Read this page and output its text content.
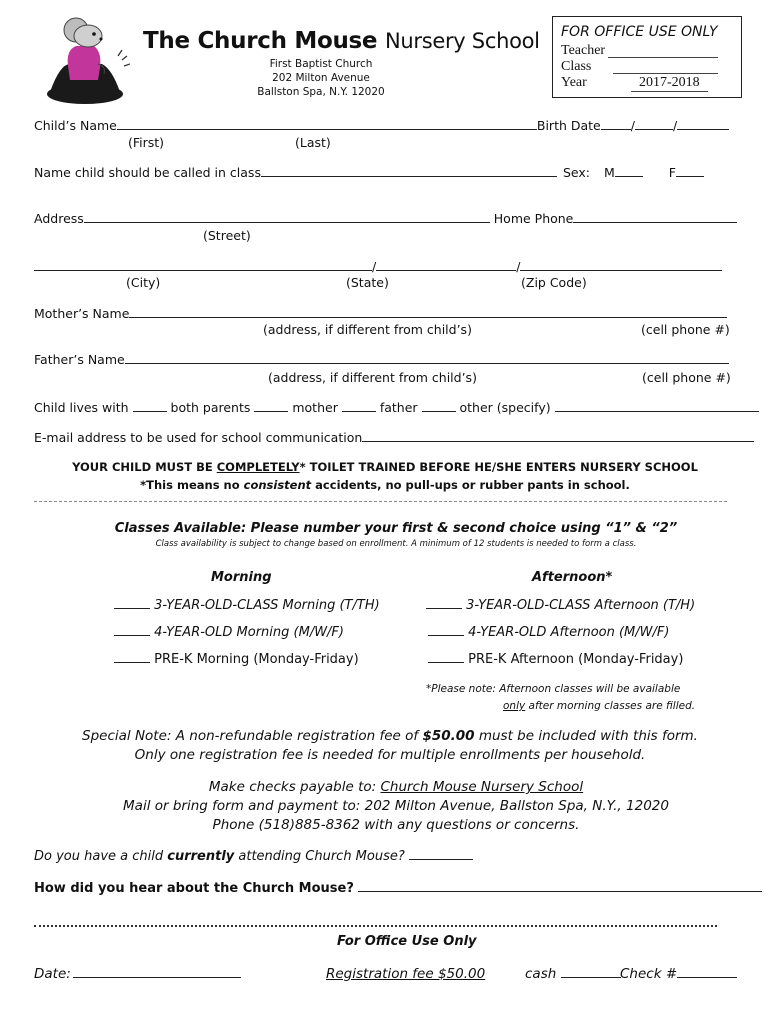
The Church Mouse Nursery School
First Baptist Church
202 Milton Avenue
Ballston Spa, N.Y. 12020
FOR OFFICE USE ONLY
Teacher
Class
Year	2017-2018
Child’s Name	Birth Date /	/
(First)	(Last)
Name child should be called in class	Sex: M	F
Address	Home Phone
(Street)
/	/
(City)	(State)	(Zip Code)
Mother’s Name
(address, if different from child’s)	(cell phone #)
Father’s Name
(address, if different from child’s)	(cell phone #)
Child lives with	both parents	mother	father	other (specify)
E-mail address to be used for school communication
YOUR CHILD MUST BE COMPLETELY* TOILET TRAINED BEFORE HE/SHE ENTERS NURSERY SCHOOL
*This means no consistent accidents, no pull-ups or rubber pants in school.
Classes Available: Please number your first & second choice using “1” & “2”
Class availability is subject to change based on enrollment. A minimum of 12 students is needed to form a class.
Morning	Afternoon*
3-YEAR-OLD-CLASS Morning (T/TH)
4-YEAR-OLD Morning (M/W/F)
PRE-K Morning (Monday-Friday)
3-YEAR-OLD-CLASS Afternoon (T/H)
4-YEAR-OLD Afternoon (M/W/F)
PRE-K Afternoon (Monday-Friday)
*Please note: Afternoon classes will be available
only after morning classes are filled.
Special Note: A non-refundable registration fee of $50.00 must be included with this form.
Only one registration fee is needed for multiple enrollments per household.
Make checks payable to: Church Mouse Nursery School
Mail or bring form and payment to: 202 Milton Avenue, Ballston Spa, N.Y., 12020
Phone (518)885-8362 with any questions or concerns.
Do you have a child currently attending Church Mouse?
How did you hear about the Church Mouse?
For Office Use Only
Date:	Registration fee $50.00	cash	Check #
